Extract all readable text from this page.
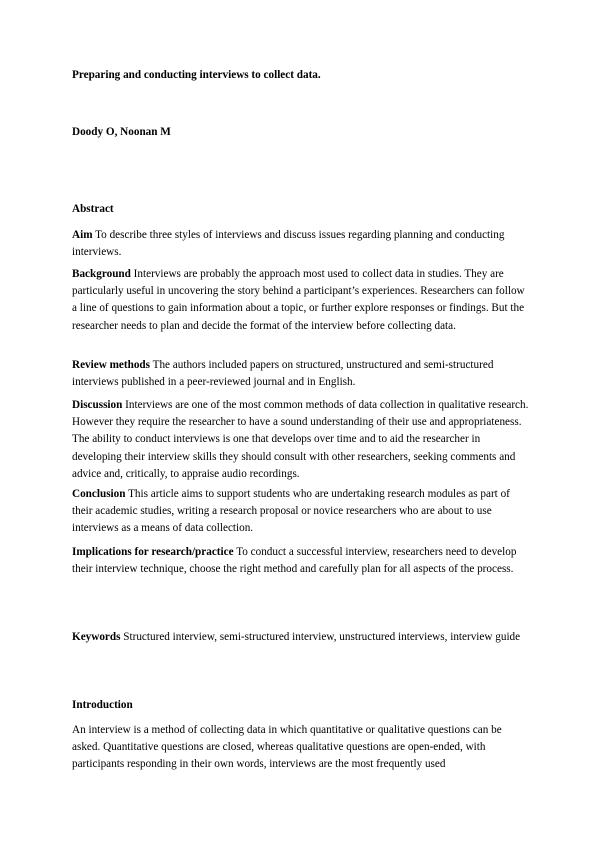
Preparing and conducting interviews to collect data.
Doody O, Noonan M
Abstract
Aim To describe three styles of interviews and discuss issues regarding planning and conducting interviews.
Background Interviews are probably the approach most used to collect data in studies. They are particularly useful in uncovering the story behind a participant’s experiences. Researchers can follow a line of questions to gain information about a topic, or further explore responses or findings. But the researcher needs to plan and decide the format of the interview before collecting data.
Review methods The authors included papers on structured, unstructured and semi-structured interviews published in a peer-reviewed journal and in English.
Discussion Interviews are one of the most common methods of data collection in qualitative research. However they require the researcher to have a sound understanding of their use and appropriateness. The ability to conduct interviews is one that develops over time and to aid the researcher in developing their interview skills they should consult with other researchers, seeking comments and advice and, critically, to appraise audio recordings.
Conclusion This article aims to support students who are undertaking research modules as part of their academic studies, writing a research proposal or novice researchers who are about to use interviews as a means of data collection.
Implications for research/practice To conduct a successful interview, researchers need to develop their interview technique, choose the right method and carefully plan for all aspects of the process.
Keywords Structured interview, semi-structured interview, unstructured interviews, interview guide
Introduction
An interview is a method of collecting data in which quantitative or qualitative questions can be asked. Quantitative questions are closed, whereas qualitative questions are open-ended, with participants responding in their own words, interviews are the most frequently used
